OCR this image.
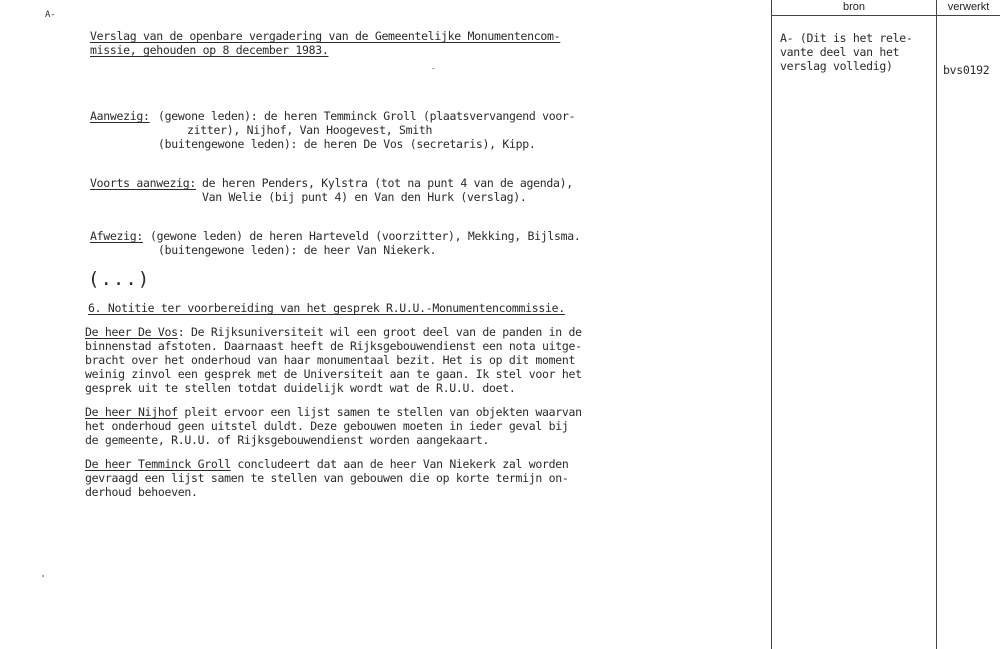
A-
Verslag van de openbare vergadering van de Gemeentelijke Monumentencom-
missie, gehouden op 8 december 1983.
Aanwezig: (gewone leden): de heren Temminck Groll (plaatsvervangend voor-
zitter), Nijhof, Van Hoogevest, Smith
(buitengewone leden): de heren De Vos (secretaris), Kipp.
Voorts aanwezig: de heren Penders, Kylstra (tot na punt 4 van de agenda),
Van Welie (bij punt 4) en Van den Hurk (verslag).
Afwezig: (gewone leden) de heren Harteveld (voorzitter), Mekking, Bijlsma.
(buitengewone leden): de heer Van Niekerk.
(...)
6. Notitie ter voorbereiding van het gesprek R.U.U.-Monumentencommissie.
De heer De Vos: De Rijksuniversiteit wil een groot deel van de panden in de
binnenstad afstoten. Daarnaast heeft de Rijksgebouwendienst een nota uitge-
bracht over het onderhoud van haar monumentaal bezit. Het is op dit moment
weinig zinvol een gesprek met de Universiteit aan te gaan. Ik stel voor het
gesprek uit te stellen totdat duidelijk wordt wat de R.U.U. doet.
De heer Nijhof pleit ervoor een lijst samen te stellen van objekten waarvan
het onderhoud geen uitstel duldt. Deze gebouwen moeten in ieder geval bij
de gemeente, R.U.U. of Rijksgebouwendienst worden aangekaart.
De heer Temminck Groll concludeert dat aan de heer Van Niekerk zal worden
gevraagd een lijst samen te stellen van gebouwen die op korte termijn on-
derhoud behoeven.
bron	verwerkt
A- (Dit is het rele-
vante deel van het
verslag volledig)	bvs0192
